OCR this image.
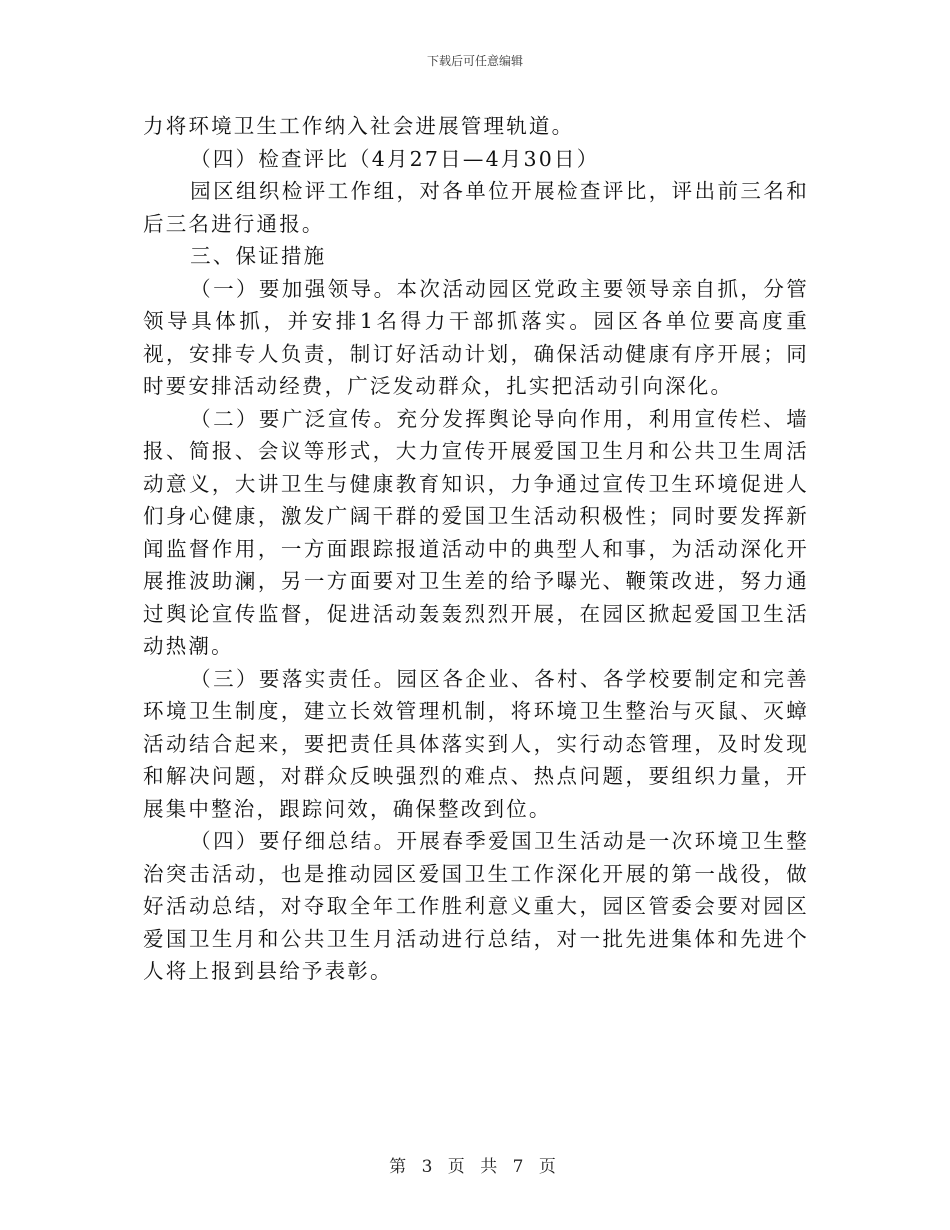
下载后可任意编辑

力将环境卫生工作纳入社会进展管理轨道。

（四）检查评比（4月27日—4月30日）

园区组织检评工作组，对各单位开展检查评比，评出前三名和后三名进行通报。

三、保证措施

（一）要加强领导。本次活动园区党政主要领导亲自抓，分管领导具体抓，并安排1名得力干部抓落实。园区各单位要高度重视，安排专人负责，制订好活动计划，确保活动健康有序开展；同时要安排活动经费，广泛发动群众，扎实把活动引向深化。

（二）要广泛宣传。充分发挥舆论导向作用，利用宣传栏、墙报、简报、会议等形式，大力宣传开展爱国卫生月和公共卫生周活动意义，大讲卫生与健康教育知识，力争通过宣传卫生环境促进人们身心健康，激发广阔干群的爱国卫生活动积极性；同时要发挥新闻监督作用，一方面跟踪报道活动中的典型人和事，为活动深化开展推波助澜，另一方面要对卫生差的给予曝光、鞭策改进，努力通过舆论宣传监督，促进活动轰轰烈烈开展，在园区掀起爱国卫生活动热潮。

（三）要落实责任。园区各企业、各村、各学校要制定和完善环境卫生制度，建立长效管理机制，将环境卫生整治与灭鼠、灭蟑活动结合起来，要把责任具体落实到人，实行动态管理，及时发现和解决问题，对群众反映强烈的难点、热点问题，要组织力量，开展集中整治，跟踪问效，确保整改到位。

（四）要仔细总结。开展春季爱国卫生活动是一次环境卫生整治突击活动，也是推动园区爱国卫生工作深化开展的第一战役，做好活动总结，对夺取全年工作胜利意义重大，园区管委会要对园区爱国卫生月和公共卫生月活动进行总结，对一批先进集体和先进个人将上报到县给予表彰。

第 3 页 共 7 页
